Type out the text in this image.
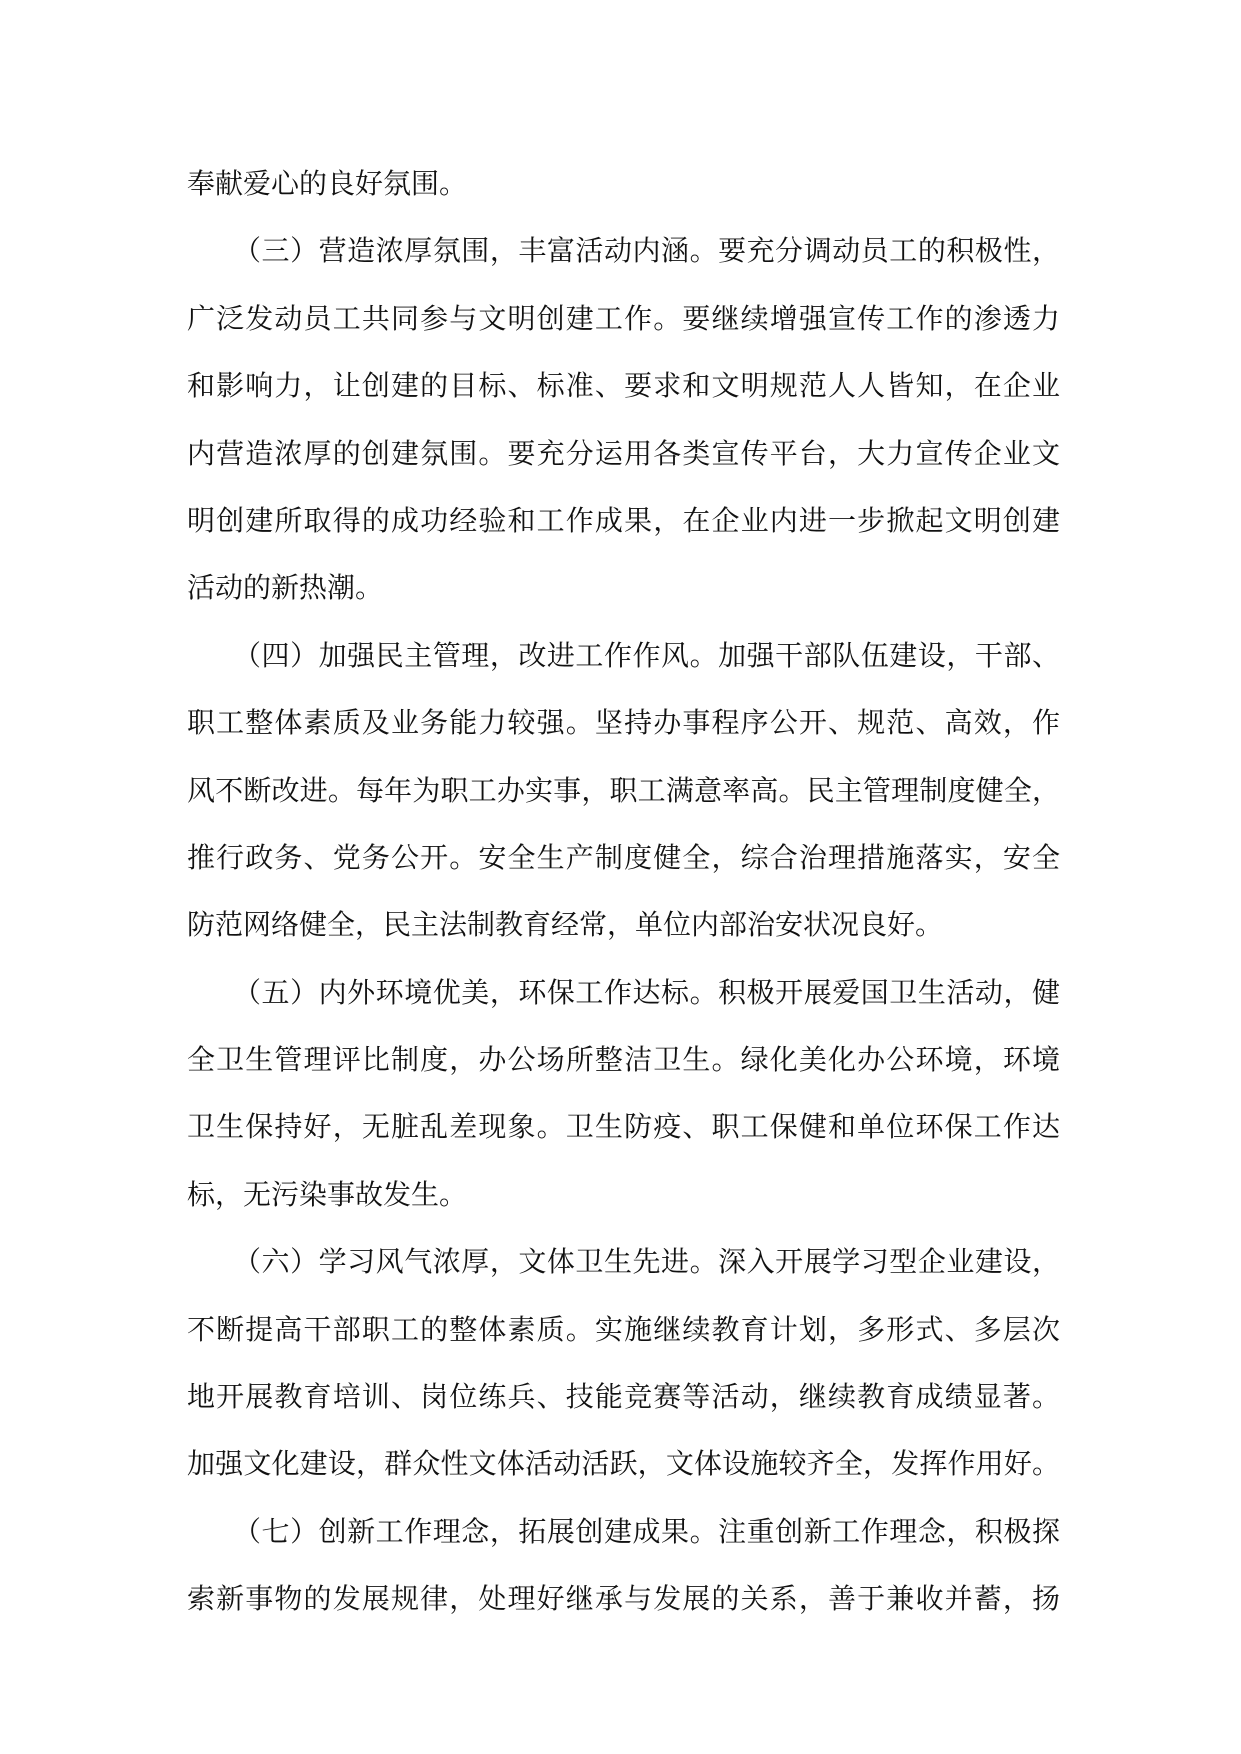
奉献爱心的良好氛围。
（三）营造浓厚氛围，丰富活动内涵。要充分调动员工的积极性，
广泛发动员工共同参与文明创建工作。要继续增强宣传工作的渗透力
和影响力，让创建的目标、标准、要求和文明规范人人皆知，在企业
内营造浓厚的创建氛围。要充分运用各类宣传平台，大力宣传企业文
明创建所取得的成功经验和工作成果，在企业内进一步掀起文明创建
活动的新热潮。
（四）加强民主管理，改进工作作风。加强干部队伍建设，干部、
职工整体素质及业务能力较强。坚持办事程序公开、规范、高效，作
风不断改进。每年为职工办实事，职工满意率高。民主管理制度健全，
推行政务、党务公开。安全生产制度健全，综合治理措施落实，安全
防范网络健全，民主法制教育经常，单位内部治安状况良好。
（五）内外环境优美，环保工作达标。积极开展爱国卫生活动，健
全卫生管理评比制度，办公场所整洁卫生。绿化美化办公环境，环境
卫生保持好，无脏乱差现象。卫生防疫、职工保健和单位环保工作达
标，无污染事故发生。
（六）学习风气浓厚，文体卫生先进。深入开展学习型企业建设，
不断提高干部职工的整体素质。实施继续教育计划，多形式、多层次
地开展教育培训、岗位练兵、技能竞赛等活动，继续教育成绩显著。
加强文化建设，群众性文体活动活跃，文体设施较齐全，发挥作用好。
（七）创新工作理念，拓展创建成果。注重创新工作理念，积极探
索新事物的发展规律，处理好继承与发展的关系，善于兼收并蓄，扬
